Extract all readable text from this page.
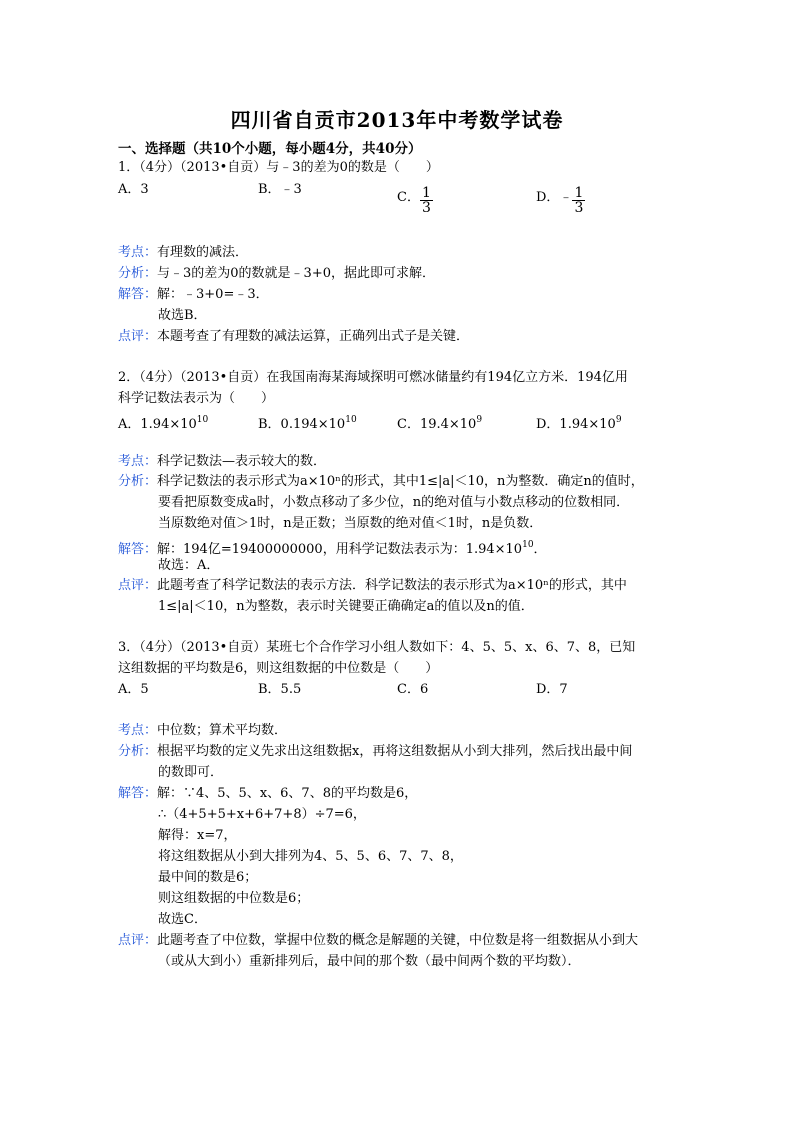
四川省自贡市2013年中考数学试卷
一、选择题（共10个小题，每小题4分，共40分）
1．（4分）（2013•自贡）与﹣3的差为0的数是（　　）
A．3	B．﹣3
C． $\frac{1}{3}$	D．﹣ $\frac{1}{3}$
考点：有理数的减法．
分析：与﹣3的差为0的数就是﹣3+0，据此即可求解．
解答：解：﹣3+0=﹣3．
故选B．
点评：本题考查了有理数的减法运算，正确列出式子是关键．
2．（4分）（2013•自贡）在我国南海某海域探明可燃冰储量约有194亿立方米．194亿用
科学记数法表示为（　　）
A．$1.94\times 10^{10}$	B．$0.194\times 10^{10}$	C．$19.4\times 10^9$	D．$1.94\times 10^9$
考点：科学记数法—表示较大的数．
分析：科学记数法的表示形式为a×10ⁿ的形式，其中1≤|a|＜10，n为整数．确定n的值时，
要看把原数变成a时，小数点移动了多少位，n的绝对值与小数点移动的位数相同．
当原数绝对值＞1时，n是正数；当原数的绝对值＜1时，n是负数．
解答：解：194亿=19400000000，用科学记数法表示为：$1.94\times 10^{10}$．
故选：A．
点评：此题考查了科学记数法的表示方法．科学记数法的表示形式为a×10ⁿ的形式，其中
1≤|a|＜10，n为整数，表示时关键要正确确定a的值以及n的值．
3．（4分）（2013•自贡）某班七个合作学习小组人数如下：4、5、5、x、6、7、8，已知
这组数据的平均数是6，则这组数据的中位数是（　　）
A．5	B．5.5	C．6	D．7
考点：中位数；算术平均数．
分析：根据平均数的定义先求出这组数据x，再将这组数据从小到大排列，然后找出最中间
的数即可．
解答：解：∵4、5、5、x、6、7、8的平均数是6，
∴（4+5+5+x+6+7+8）÷7=6，
解得：x=7，
将这组数据从小到大排列为4、5、5、6、7、7、8，
最中间的数是6；
则这组数据的中位数是6；
故选C．
点评：此题考查了中位数，掌握中位数的概念是解题的关键，中位数是将一组数据从小到大
（或从大到小）重新排列后，最中间的那个数（最中间两个数的平均数）．
